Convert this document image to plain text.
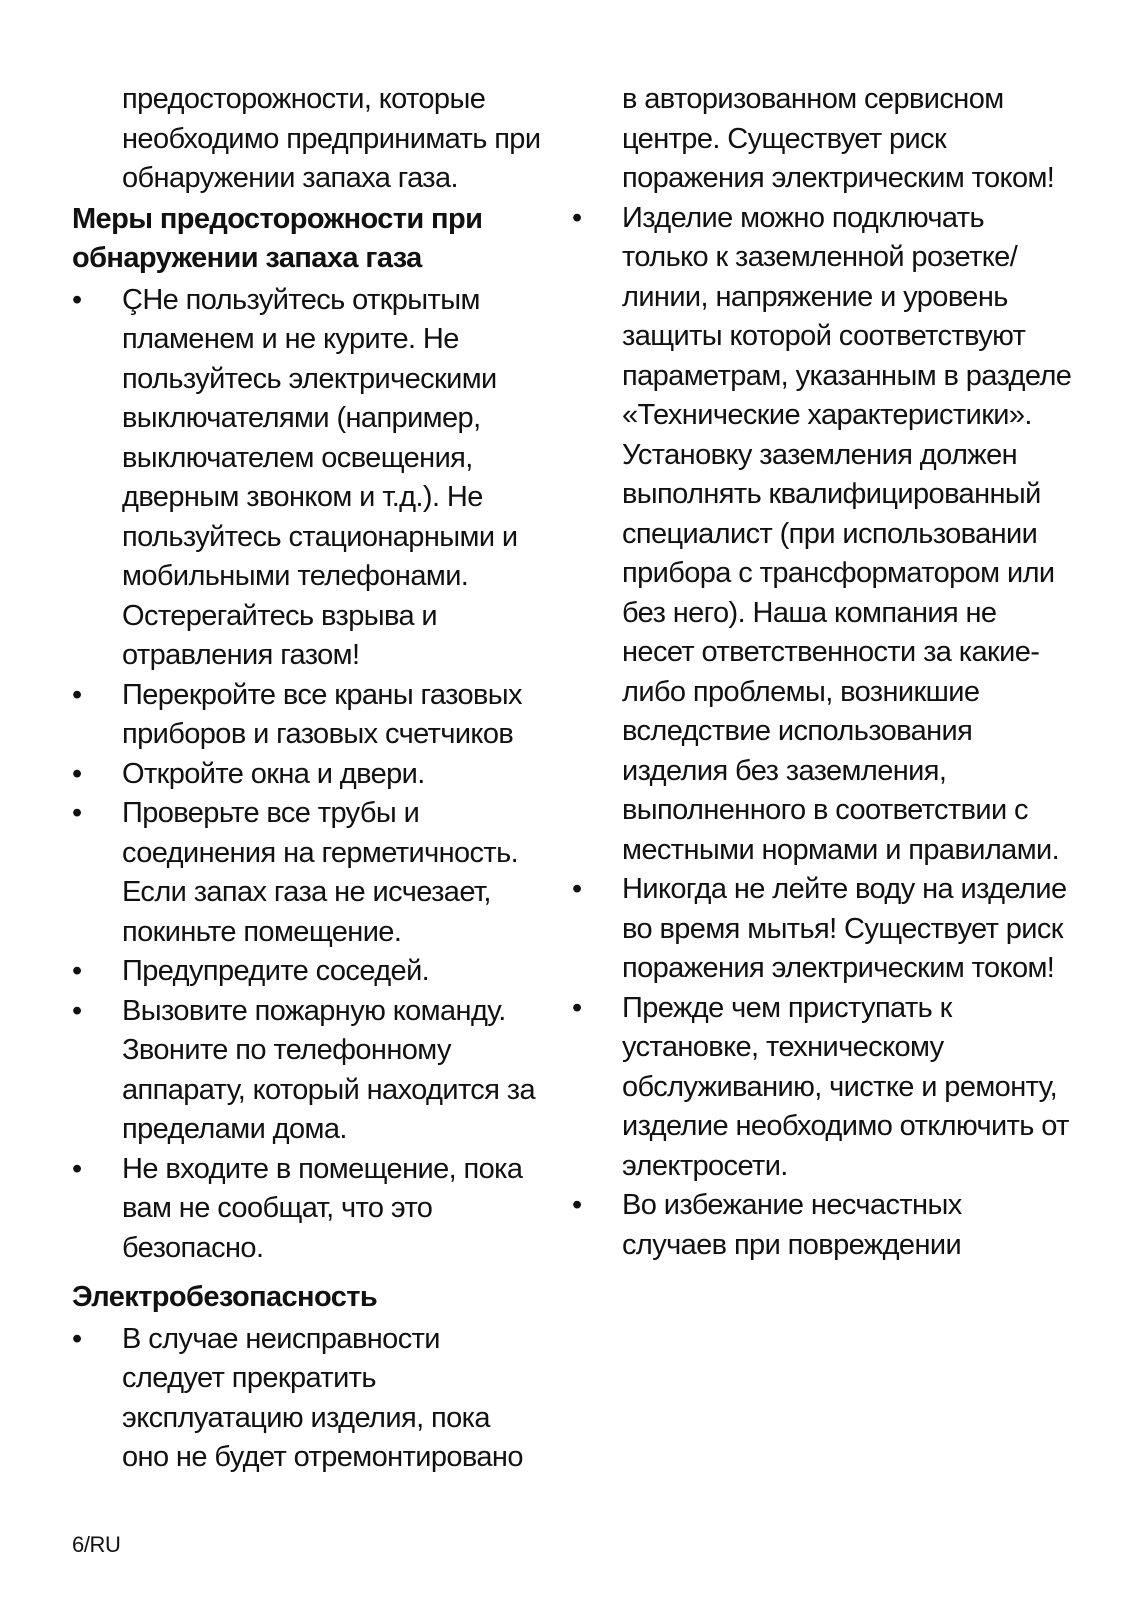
предосторожности, которые необходимо предпринимать при обнаружении запаха газа.

Меры предосторожности при обнаружении запаха газа
•	ÇНе пользуйтесь открытым пламенем и не курите. Не пользуйтесь электрическими выключателями (например, выключателем освещения, дверным звонком и т.д.). Не пользуйтесь стационарными и мобильными телефонами. Остерегайтесь взрыва и отравления газом!
•	Перекройте все краны газовых приборов и газовых счетчиков
•	Откройте окна и двери.
•	Проверьте все трубы и соединения на герметичность. Если запах газа не исчезает, покиньте помещение.
•	Предупредите соседей.
•	Вызовите пожарную команду. Звоните по телефонному аппарату, который находится за пределами дома.
•	Не входите в помещение, пока вам не сообщат, что это безопасно.
Электробезопасность
•	В случае неисправности следует прекратить эксплуатацию изделия, пока оно не будет отремонтировано

в авторизованном сервисном центре. Существует риск поражения электрическим током!

•	Изделие можно подключать только к заземленной розетке/линии, напряжение и уровень защиты которой соответствуют параметрам, указанным в разделе «Технические характеристики». Установку заземления должен выполнять квалифицированный специалист (при использовании прибора с трансформатором или без него). Наша компания не несет ответственности за какие-либо проблемы, возникшие вследствие использования изделия без заземления, выполненного в соответствии с местными нормами и правилами.
•	Никогда не лейте воду на изделие во время мытья! Существует риск поражения электрическим током!
•	Прежде чем приступать к установке, техническому обслуживанию, чистке и ремонту, изделие необходимо отключить от электросети.
•	Во избежание несчастных случаев при повреждении
6/RU
